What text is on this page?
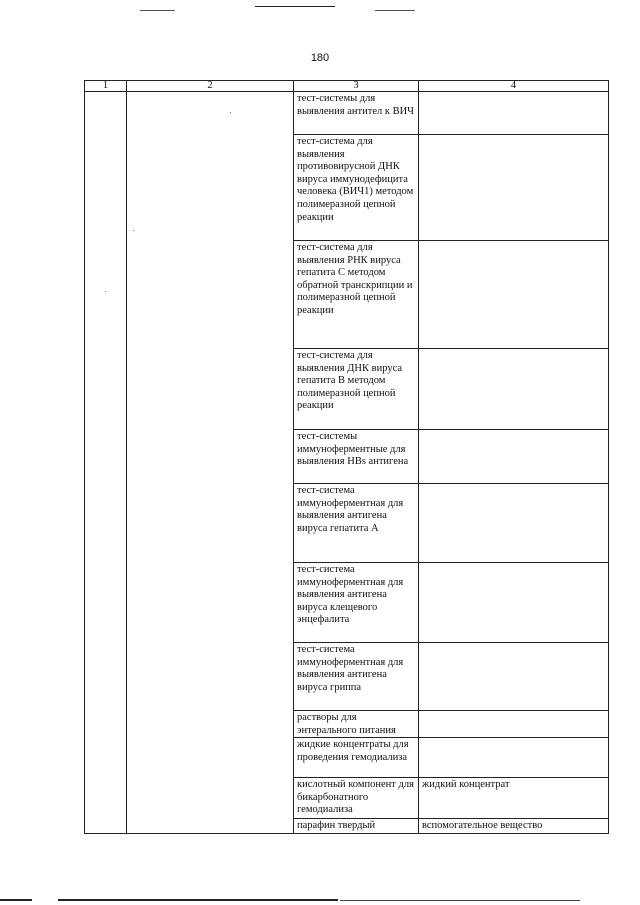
180
1	2	3	4
		тест-системы для выявления антител к ВИЧ	
		тест-система для выявления противовирусной ДНК вируса иммунодефицита человека (ВИЧ1) методом полимеразной цепной реакции	
		тест-система для выявления РНК вируса гепатита С методом обратной транскрипции и полимеразной цепной реакции	
		тест-система для выявления ДНК вируса гепатита В методом полимеразной цепной реакции	
		тест-системы иммуноферментные для выявления HBs антигена	
		тест-система иммуноферментная для выявления антигена вируса гепатита А	
		тест-система иммуноферментная для выявления антигена вируса клещевого энцефалита	
		тест-система иммуноферментная для выявления антигена вируса гриппа	
		растворы для энтерального питания	
		жидкие концентраты для проведения гемодиализа	
		кислотный компонент для бикарбонатного гемодиализа	жидкий концентрат
		парафин твердый	вспомогательное вещество
